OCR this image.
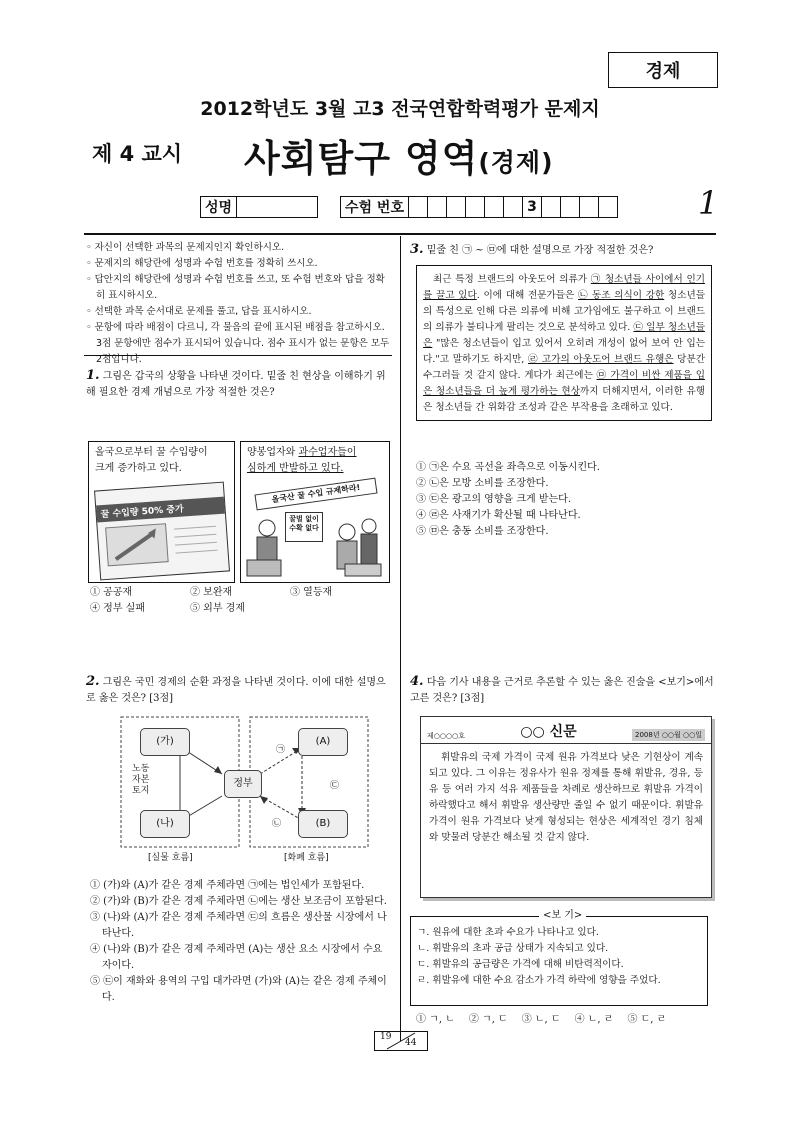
경제
2012학년도 3월 고3 전국연합학력평가 문제지
제 4 교시 사회탐구 영역(경제)
성명	수험 번호	3	1
◦ 자신이 선택한 과목의 문제지인지 확인하시오.
◦ 문제지의 해당란에 성명과 수험 번호를 정확히 쓰시오.
◦ 답안지의 해당란에 성명과 수험 번호를 쓰고, 또 수험 번호와 답을 정확히 표시하시오.
◦ 선택한 과목 순서대로 문제를 풀고, 답을 표시하시오.
◦ 문항에 따라 배점이 다르니, 각 물음의 끝에 표시된 배점을 참고하시오. 3점 문항에만 점수가 표시되어 있습니다. 점수 표시가 없는 문항은 모두 2점입니다.
1. 그림은 갑국의 상황을 나타낸 것이다. 밑줄 친 현상을 이해하기 위해 필요한 경제 개념으로 가장 적절한 것은?
올국으로부터 꿀 수입량이
크게 증가하고 있다.
꿀 수입량 50% 증가
양봉업자와 과수업자들이
심하게 반발하고 있다.
올국산 꿀 수입 규제하라!
꿀벌 없이 수확 없다
① 공공재	② 보완재	③ 열등재
④ 정부 실패	⑤ 외부 경제
2. 그림은 국민 경제의 순환 과정을 나타낸 것이다. 이에 대한 설명으로 옳은 것은? [3점]
(가)
(나)
(A)
(B)
정부
노동
자본
토지
㉠
㉢
㉡
[실물 흐름]	[화폐 흐름]
① (가)와 (A)가 같은 경제 주체라면 ㉠에는 법인세가 포함된다.
② (가)와 (B)가 같은 경제 주체라면 ㉡에는 생산 보조금이 포함된다.
③ (나)와 (A)가 같은 경제 주체라면 ㉢의 흐름은 생산물 시장에서 나타난다.
④ (나)와 (B)가 같은 경제 주체라면 (A)는 생산 요소 시장에서 수요자이다.
⑤ ㉢이 재화와 용역의 구입 대가라면 (가)와 (A)는 같은 경제 주체이다.
3. 밑줄 친 ㉠ ~ ㉤에 대한 설명으로 가장 적절한 것은?
최근 특정 브랜드의 아웃도어 의류가 ㉠ 청소년들 사이에서 인기를 끌고 있다. 이에 대해 전문가들은 ㉡ 동조 의식이 강한 청소년들의 특성으로 인해 다른 의류에 비해 고가임에도 불구하고 이 브랜드의 의류가 불티나게 팔리는 것으로 분석하고 있다. ㉢ 일부 청소년들은 "많은 청소년들이 입고 있어서 오히려 개성이 없어 보여 안 입는다."고 말하기도 하지만, ㉣ 고가의 아웃도어 브랜드 유행은 당분간 수그러들 것 같지 않다. 게다가 최근에는 ㉤ 가격이 비싼 제품을 입은 청소년들을 더 높게 평가하는 현상까지 더해지면서, 이러한 유행은 청소년들 간 위화감 조성과 같은 부작용을 초래하고 있다.
① ㉠은 수요 곡선을 좌측으로 이동시킨다.
② ㉡은 모방 소비를 조장한다.
③ ㉢은 광고의 영향을 크게 받는다.
④ ㉣은 사재기가 확산될 때 나타난다.
⑤ ㉤은 충동 소비를 조장한다.
4. 다음 기사 내용을 근거로 추론할 수 있는 옳은 진술을 <보기>에서 고른 것은? [3점]
제○○○○호	○○ 신문	2008년 ○○월 ○○일
휘발유의 국제 가격이 국제 원유 가격보다 낮은 기현상이 계속되고 있다. 그 이유는 정유사가 원유 정제를 통해 휘발유, 경유, 등유 등 여러 가지 석유 제품들을 차례로 생산하므로 휘발유 가격이 하락했다고 해서 휘발유 생산량만 줄일 수 없기 때문이다. 휘발유 가격이 원유 가격보다 낮게 형성되는 현상은 세계적인 경기 침체와 맞물려 당분간 해소될 것 같지 않다.
<보 기>
ㄱ. 원유에 대한 초과 수요가 나타나고 있다.
ㄴ. 휘발유의 초과 공급 상태가 지속되고 있다.
ㄷ. 휘발유의 공급량은 가격에 대해 비탄력적이다.
ㄹ. 휘발유에 대한 수요 감소가 가격 하락에 영향을 주었다.
① ㄱ, ㄴ ② ㄱ, ㄷ ③ ㄴ, ㄷ ④ ㄴ, ㄹ ⑤ ㄷ, ㄹ
19
44
